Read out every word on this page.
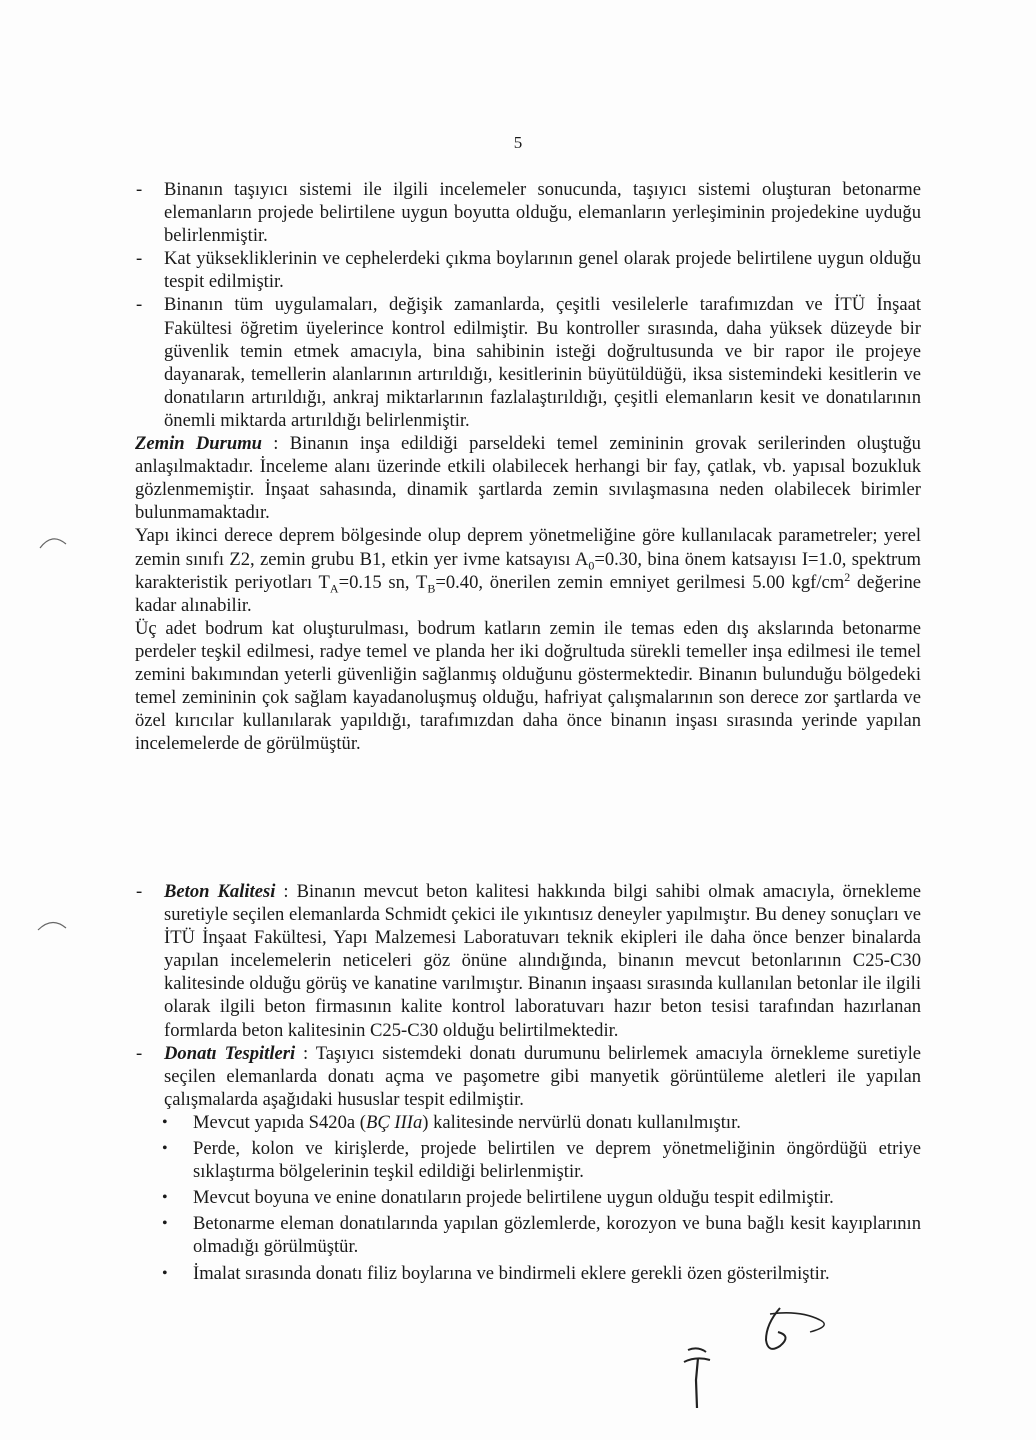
5

- Binanın taşıyıcı sistemi ile ilgili incelemeler sonucunda, taşıyıcı sistemi oluşturan betonarme elemanların projede belirtilene uygun boyutta olduğu, elemanların yerleşiminin projedekine uyduğu belirlenmiştir.

- Kat yüksekliklerinin ve cephelerdeki çıkma boylarının genel olarak projede belirtilene uygun olduğu tespit edilmiştir.

- Binanın tüm uygulamaları, değişik zamanlarda, çeşitli vesilelerle tarafımızdan ve İTÜ İnşaat Fakültesi öğretim üyelerince kontrol edilmiştir. Bu kontroller sırasında, daha yüksek düzeyde bir güvenlik temin etmek amacıyla, bina sahibinin isteği doğrultusunda ve bir rapor ile projeye dayanarak, temellerin alanlarının artırıldığı, kesitlerinin büyütüldüğü, iksa sistemindeki kesitlerin ve donatıların artırıldığı, ankraj miktarlarının fazlalaştırıldığı, çeşitli elemanların kesit ve donatılarının önemli miktarda artırıldığı belirlenmiştir.

Zemin Durumu : Binanın inşa edildiği parseldeki temel zemininin grovak serilerinden oluştuğu anlaşılmaktadır. İnceleme alanı üzerinde etkili olabilecek herhangi bir fay, çatlak, vb. yapısal bozukluk gözlenmemiştir. İnşaat sahasında, dinamik şartlarda zemin sıvılaşmasına neden olabilecek birimler bulunmamaktadır.

Yapı ikinci derece deprem bölgesinde olup deprem yönetmeliğine göre kullanılacak parametreler; yerel zemin sınıfı Z2, zemin grubu B1, etkin yer ivme katsayısı $A_0=0.30$, bina önem katsayısı I=1.0, spektrum karakteristik periyotları $T_A=0.15$ sn, $T_B=0.40$, önerilen zemin emniyet gerilmesi 5.00 kgf/$cm^2$ değerine kadar alınabilir.

Üç adet bodrum kat oluşturulması, bodrum katların zemin ile temas eden dış akslarında betonarme perdeler teşkil edilmesi, radye temel ve planda her iki doğrultuda sürekli temeller inşa edilmesi ile temel zemini bakımından yeterli güvenliğin sağlanmış olduğunu göstermektedir. Binanın bulunduğu bölgedeki temel zemininin çok sağlam kayadanoluşmuş olduğu, hafriyat çalışmalarının son derece zor şartlarda ve özel kırıcılar kullanılarak yapıldığı, tarafımızdan daha önce binanın inşası sırasında yerinde yapılan incelemelerde de görülmüştür.

- Beton Kalitesi : Binanın mevcut beton kalitesi hakkında bilgi sahibi olmak amacıyla, örnekleme suretiyle seçilen elemanlarda Schmidt çekici ile yıkıntısız deneyler yapılmıştır. Bu deney sonuçları ve İTÜ İnşaat Fakültesi, Yapı Malzemesi Laboratuvarı teknik ekipleri ile daha önce benzer binalarda yapılan incelemelerin neticeleri göz önüne alındığında, binanın mevcut betonlarının C25-C30 kalitesinde olduğu görüş ve kanatine varılmıştır. Binanın inşaası sırasında kullanılan betonlar ile ilgili olarak ilgili beton firmasının kalite kontrol laboratuvarı hazır beton tesisi tarafından hazırlanan formlarda beton kalitesinin C25-C30 olduğu belirtilmektedir.

- Donatı Tespitleri : Taşıyıcı sistemdeki donatı durumunu belirlemek amacıyla örnekleme suretiyle seçilen elemanlarda donatı açma ve paşometre gibi manyetik görüntüleme aletleri ile yapılan çalışmalarda aşağıdaki hususlar tespit edilmiştir.

• Mevcut yapıda S420a (BÇ IIIa) kalitesinde nervürlü donatı kullanılmıştır.
• Perde, kolon ve kirişlerde, projede belirtilen ve deprem yönetmeliğinin öngördüğü etriye sıklaştırma bölgelerinin teşkil edildiği belirlenmiştir.
• Mevcut boyuna ve enine donatıların projede belirtilene uygun olduğu tespit edilmiştir.
• Betonarme eleman donatılarında yapılan gözlemlerde, korozyon ve buna bağlı kesit kayıplarının olmadığı görülmüştür.
• İmalat sırasında donatı filiz boylarına ve bindirmeli eklere gerekli özen gösterilmiştir.
